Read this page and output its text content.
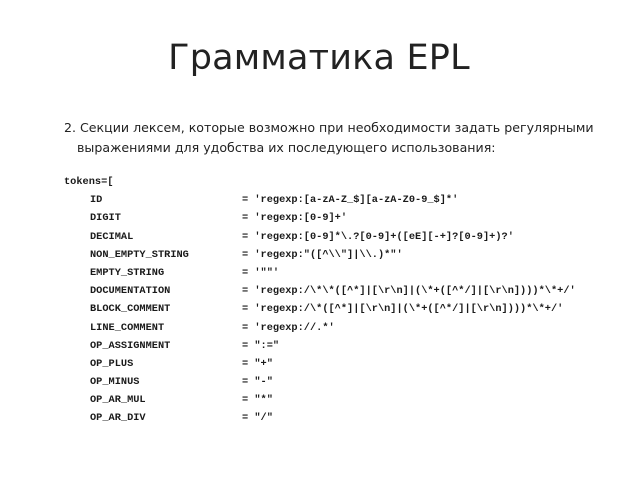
Грамматика EPL
2. Секции лексем, которые возможно при необходимости задать регулярными
выражениями для удобства их последующего использования:
tokens=[

ID

	= 'regexp:[a-zA-Z_$][a-zA-Z0-9_$]*'

DIGIT

	= 'regexp:[0-9]+'

DECIMAL

	= 'regexp:[0-9]*\.?[0-9]+([eE][-+]?[0-9]+)?'

NON_EMPTY_STRING

	= 'regexp:"([^\\"]|\\.)*"'

EMPTY_STRING

	= '""'

DOCUMENTATION

	= 'regexp:/\*\*([^*]|[\r\n]|(\*+([^*/]|[\r\n])))*\*+/'

BLOCK_COMMENT

	= 'regexp:/\*([^*]|[\r\n]|(\*+([^*/]|[\r\n])))*\*+/'

LINE_COMMENT

	= 'regexp://.*'

OP_ASSIGNMENT

	= ":="

OP_PLUS

	= "+"

OP_MINUS

	= "-"

OP_AR_MUL

	= "*"

OP_AR_DIV

	= "/"
